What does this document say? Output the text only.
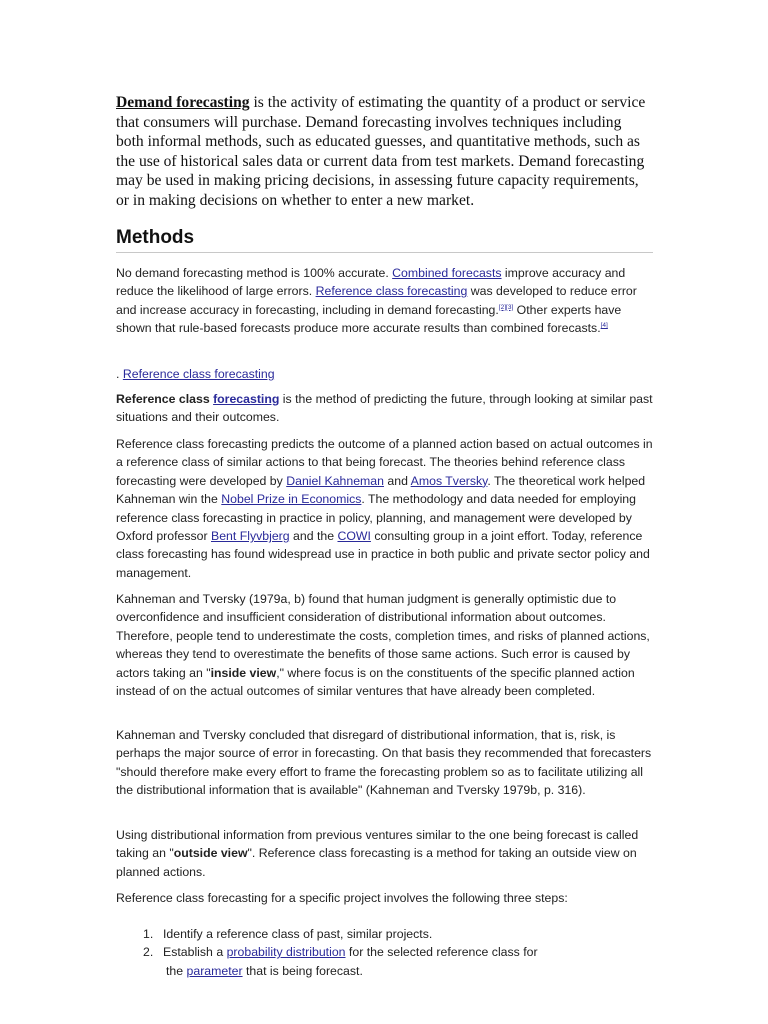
Demand forecasting is the activity of estimating the quantity of a product or service that consumers will purchase. Demand forecasting involves techniques including both informal methods, such as educated guesses, and quantitative methods, such as the use of historical sales data or current data from test markets. Demand forecasting may be used in making pricing decisions, in assessing future capacity requirements, or in making decisions on whether to enter a new market.

Methods

No demand forecasting method is 100% accurate. Combined forecasts improve accuracy and reduce the likelihood of large errors. Reference class forecasting was developed to reduce error and increase accuracy in forecasting, including in demand forecasting.[2][3] Other experts have shown that rule-based forecasts produce more accurate results than combined forecasts.[4]

. Reference class forecasting

Reference class forecasting is the method of predicting the future, through looking at similar past situations and their outcomes.

Reference class forecasting predicts the outcome of a planned action based on actual outcomes in a reference class of similar actions to that being forecast. The theories behind reference class forecasting were developed by Daniel Kahneman and Amos Tversky. The theoretical work helped Kahneman win the Nobel Prize in Economics. The methodology and data needed for employing reference class forecasting in practice in policy, planning, and management were developed by Oxford professor Bent Flyvbjerg and the COWI consulting group in a joint effort. Today, reference class forecasting has found widespread use in practice in both public and private sector policy and management.

Kahneman and Tversky (1979a, b) found that human judgment is generally optimistic due to overconfidence and insufficient consideration of distributional information about outcomes. Therefore, people tend to underestimate the costs, completion times, and risks of planned actions, whereas they tend to overestimate the benefits of those same actions. Such error is caused by actors taking an "inside view," where focus is on the constituents of the specific planned action instead of on the actual outcomes of similar ventures that have already been completed.

Kahneman and Tversky concluded that disregard of distributional information, that is, risk, is perhaps the major source of error in forecasting. On that basis they recommended that forecasters "should therefore make every effort to frame the forecasting problem so as to facilitate utilizing all the distributional information that is available" (Kahneman and Tversky 1979b, p. 316).

Using distributional information from previous ventures similar to the one being forecast is called taking an "outside view". Reference class forecasting is a method for taking an outside view on planned actions.

Reference class forecasting for a specific project involves the following three steps:

1. Identify a reference class of past, similar projects.
2. Establish a probability distribution for the selected reference class for
the parameter that is being forecast.
